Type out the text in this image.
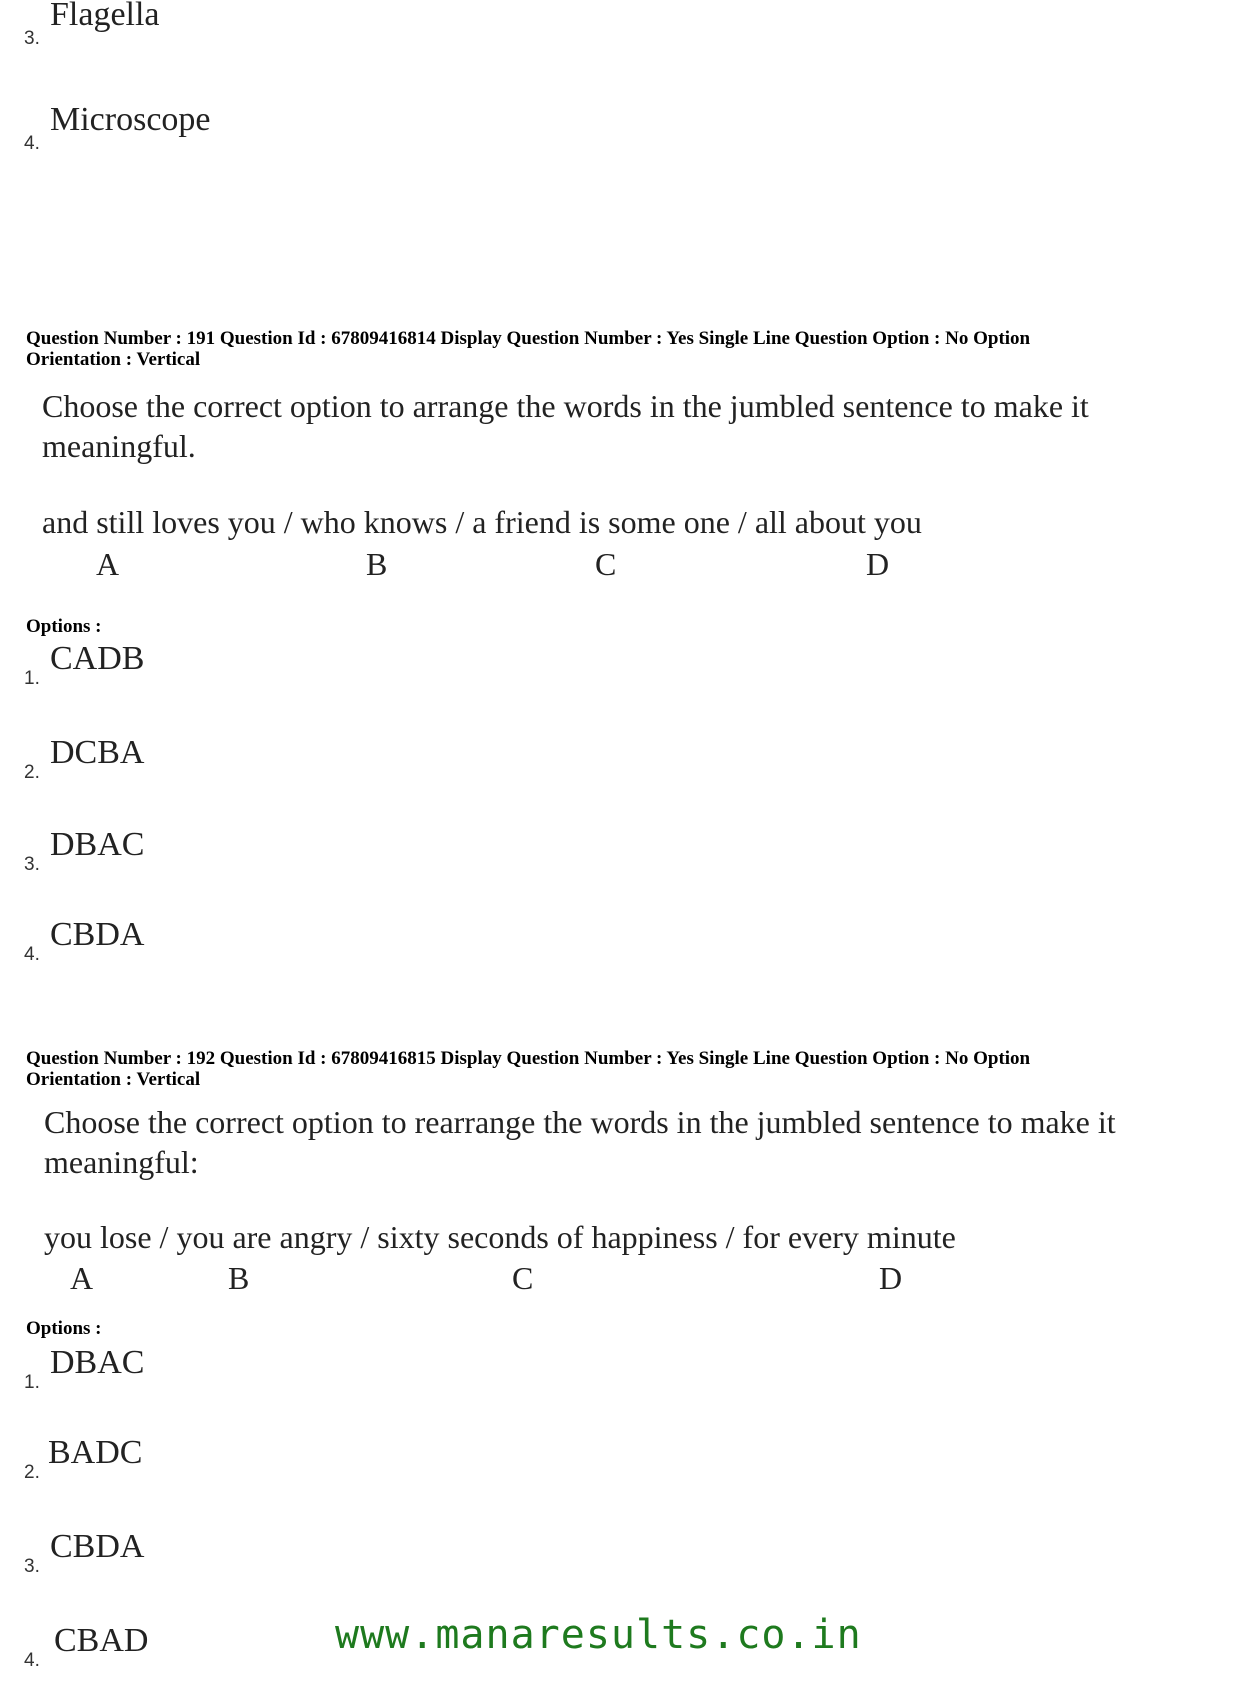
3.
Flagella
4.
Microscope
Question Number : 191 Question Id : 67809416814 Display Question Number : Yes Single Line Question Option : No Option
Orientation : Vertical
Choose the correct option to arrange the words in the jumbled sentence to make it
meaningful.
and still loves you / who knows / a friend is some one / all about you
A	B	C	D
Options :
1.
CADB
2.
DCBA
3.
DBAC
4.
CBDA
Question Number : 192 Question Id : 67809416815 Display Question Number : Yes Single Line Question Option : No Option
Orientation : Vertical
Choose the correct option to rearrange the words in the jumbled sentence to make it
meaningful:
you lose / you are angry / sixty seconds of happiness / for every minute
A	B	C	D
Options :
1.
DBAC
2.
BADC
3.
CBDA
4.
CBAD	www.manaresults.co.in
